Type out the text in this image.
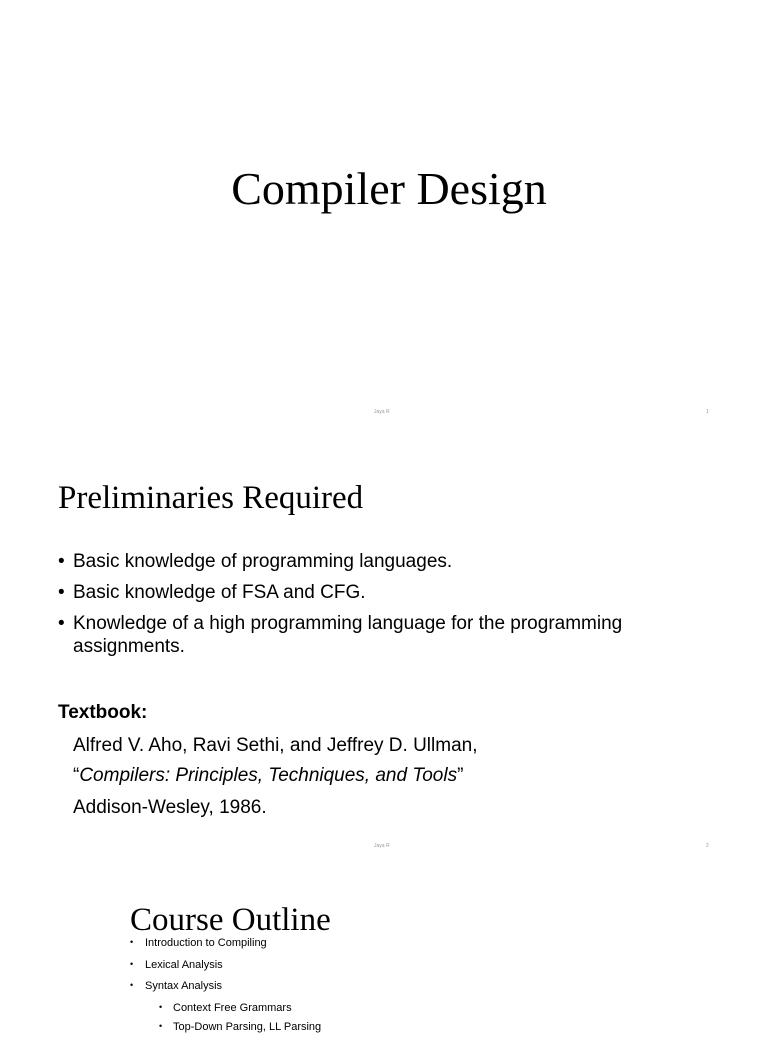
Compiler Design
Jaya R	1
Preliminaries Required
• Basic knowledge of programming languages.
• Basic knowledge of FSA and CFG.
• Knowledge of a high programming language for the programming assignments.
Textbook:
Alfred V. Aho, Ravi Sethi, and Jeffrey D. Ullman,
“Compilers: Principles, Techniques, and Tools”
Addison-Wesley, 1986.
Jaya R	2
Course Outline
• Introduction to Compiling
• Lexical Analysis
• Syntax Analysis
• Context Free Grammars
• Top-Down Parsing, LL Parsing
